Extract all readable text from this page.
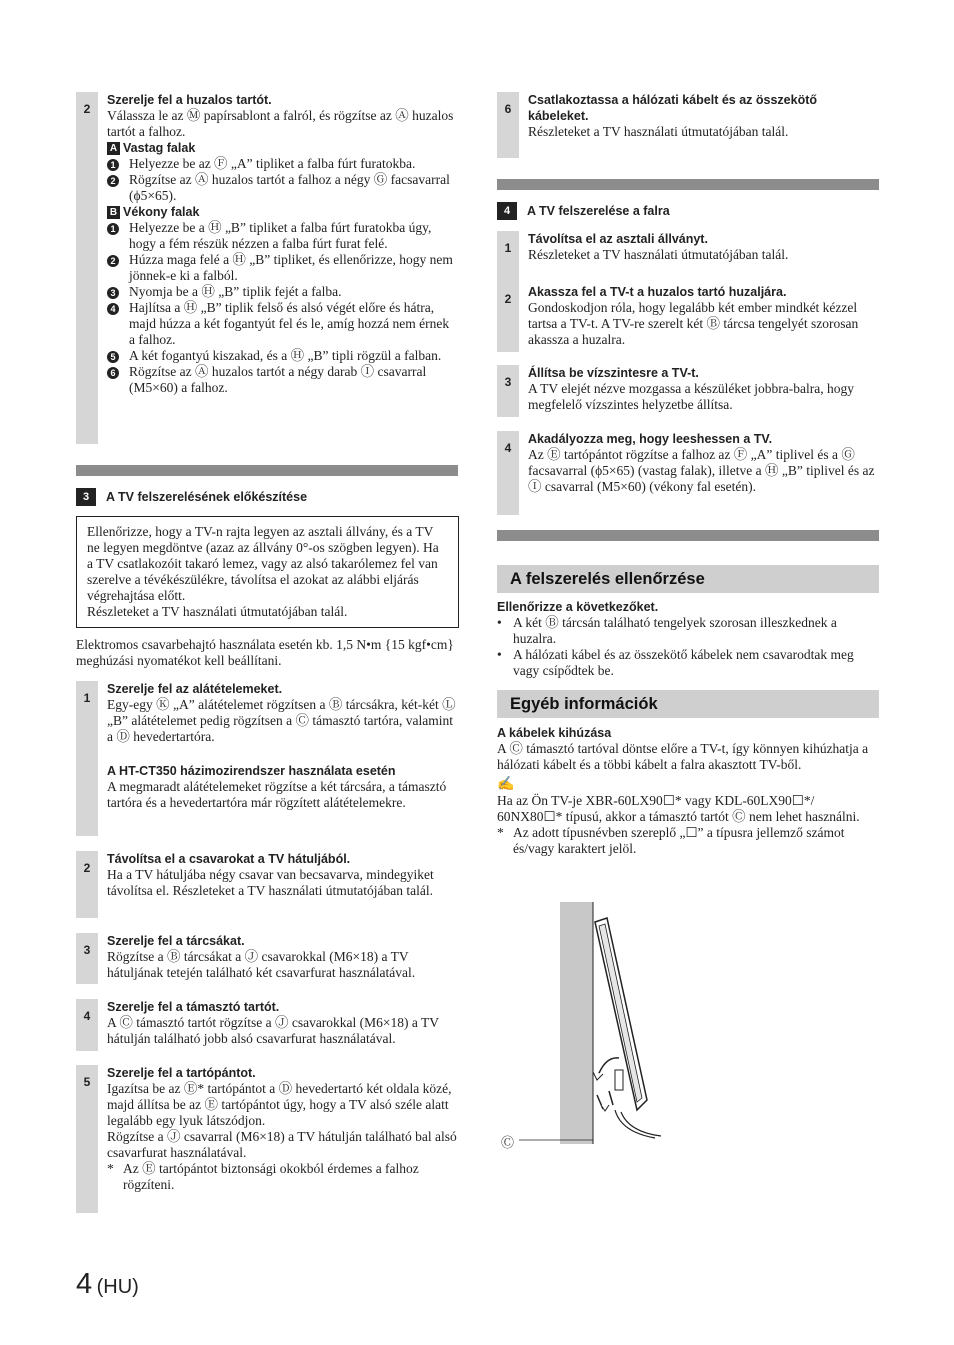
2

Szerelje fel a huzalos tartót.

Válassza le az Ⓜ papírsablont a falról, és rögzítse az Ⓐ huzalos tartót a falhoz.

A Vastag falak
1	Helyezze be az Ⓕ „A” tipliket a falba fúrt furatokba.
2	Rögzítse az Ⓐ huzalos tartót a falhoz a négy Ⓖ facsavarral (ϕ5×65).
B Vékony falak
1	Helyezze be a Ⓗ „B” tipliket a falba fúrt furatokba úgy, hogy a fém részük nézzen a falba fúrt furat felé.
2	Húzza maga felé a Ⓗ „B” tipliket, és ellenőrizze, hogy nem jönnek-e ki a falból.
3	Nyomja be a Ⓗ „B” tiplik fejét a falba.
4	Hajlítsa a Ⓗ „B” tiplik felső és alsó végét előre és hátra, majd húzza a két fogantyút fel és le, amíg hozzá nem érnek a falhoz.
5	A két fogantyú kiszakad, és a Ⓗ „B” tipli rögzül a falban.
6	Rögzítse az Ⓐ huzalos tartót a négy darab Ⓘ csavarral (M5×60) a falhoz.
3	A TV felszerelésének előkészítése

Ellenőrizze, hogy a TV-n rajta legyen az asztali állvány, és a TV ne legyen megdöntve (azaz az állvány 0°-os szögben legyen). Ha a TV csatlakozóit takaró lemez, vagy az alsó takarólemez fel van szerelve a tévékészülékre, távolítsa el azokat az alábbi eljárás végrehajtása előtt.

Részleteket a TV használati útmutatójában talál.

Elektromos csavarbehajtó használata esetén kb. 1,5 N•m {15 kgf•cm} meghúzási nyomatékot kell beállítani.

1

Szerelje fel az alátételemeket.

Egy-egy Ⓚ „A” alátételemet rögzítsen a Ⓑ tárcsákra, két-két Ⓛ „B” alátételemet pedig rögzítsen a Ⓒ támasztó tartóra, valamint a Ⓓ hevedertartóra.

A HT-CT350 házimozirendszer használata esetén

A megmaradt alátételemeket rögzítse a két tárcsára, a támasztó tartóra és a hevedertartóra már rögzített alátételemekre.

2

Távolítsa el a csavarokat a TV hátuljából.

Ha a TV hátuljába négy csavar van becsavarva, mindegyiket távolítsa el. Részleteket a TV használati útmutatójában talál.

3

Szerelje fel a tárcsákat.

Rögzítse a Ⓑ tárcsákat a Ⓙ csavarokkal (M6×18) a TV hátuljának tetején található két csavarfurat használatával.

4

Szerelje fel a támasztó tartót.

A Ⓒ támasztó tartót rögzítse a Ⓙ csavarokkal (M6×18) a TV hátulján található jobb alsó csavarfurat használatával.

5

Szerelje fel a tartópántot.

Igazítsa be az Ⓔ* tartópántot a Ⓓ hevedertartó két oldala közé, majd állítsa be az Ⓔ tartópántot úgy, hogy a TV alsó széle alatt legalább egy lyuk látszódjon.

Rögzítse a Ⓙ csavarral (M6×18) a TV hátulján található bal alsó csavarfurat használatával.

* Az Ⓔ tartópántot biztonsági okokból érdemes a falhoz rögzíteni.
6

Csatlakoztassa a hálózati kábelt és az összekötő kábeleket.

Részleteket a TV használati útmutatójában talál.

4	A TV felszerelése a falra
1

Távolítsa el az asztali állványt.

Részleteket a TV használati útmutatójában talál.

2	Akassza fel a TV-t a huzalos tartó huzaljára.

Gondoskodjon róla, hogy legalább két ember mindkét kézzel tartsa a TV-t. A TV-re szerelt két Ⓑ tárcsa tengelyét szorosan akassza a huzalra.

3

Állítsa be vízszintesre a TV-t.

A TV elejét nézve mozgassa a készüléket jobbra-balra, hogy megfelelő vízszintes helyzetbe állítsa.

4

Akadályozza meg, hogy leeshessen a TV.

Az Ⓔ tartópántot rögzítse a falhoz az Ⓕ „A” tiplivel és a Ⓖ facsavarral (ϕ5×65) (vastag falak), illetve a Ⓗ „B” tiplivel és az Ⓘ csavarral (M5×60) (vékony fal esetén).

A felszerelés ellenőrzése

Ellenőrizze a következőket.

• A két Ⓑ tárcsán található tengelyek szorosan illeszkednek a huzalra.
• A hálózati kábel és az összekötő kábelek nem csavarodtak meg vagy csípődtek be.
Egyéb információk

A kábelek kihúzása

A Ⓒ támasztó tartóval döntse előre a TV-t, így könnyen kihúzhatja a hálózati kábelt és a többi kábelt a falra akasztott TV-ből.

✍

Ha az Ön TV-je XBR-60LX90☐* vagy KDL-60LX90☐*/ 60NX80☐* típusú, akkor a támasztó tartót Ⓒ nem lehet használni.

* Az adott típusnévben szereplő „☐” a típusra jellemző számot és/vagy karaktert jelöl.
Ⓒ
4 (HU)
